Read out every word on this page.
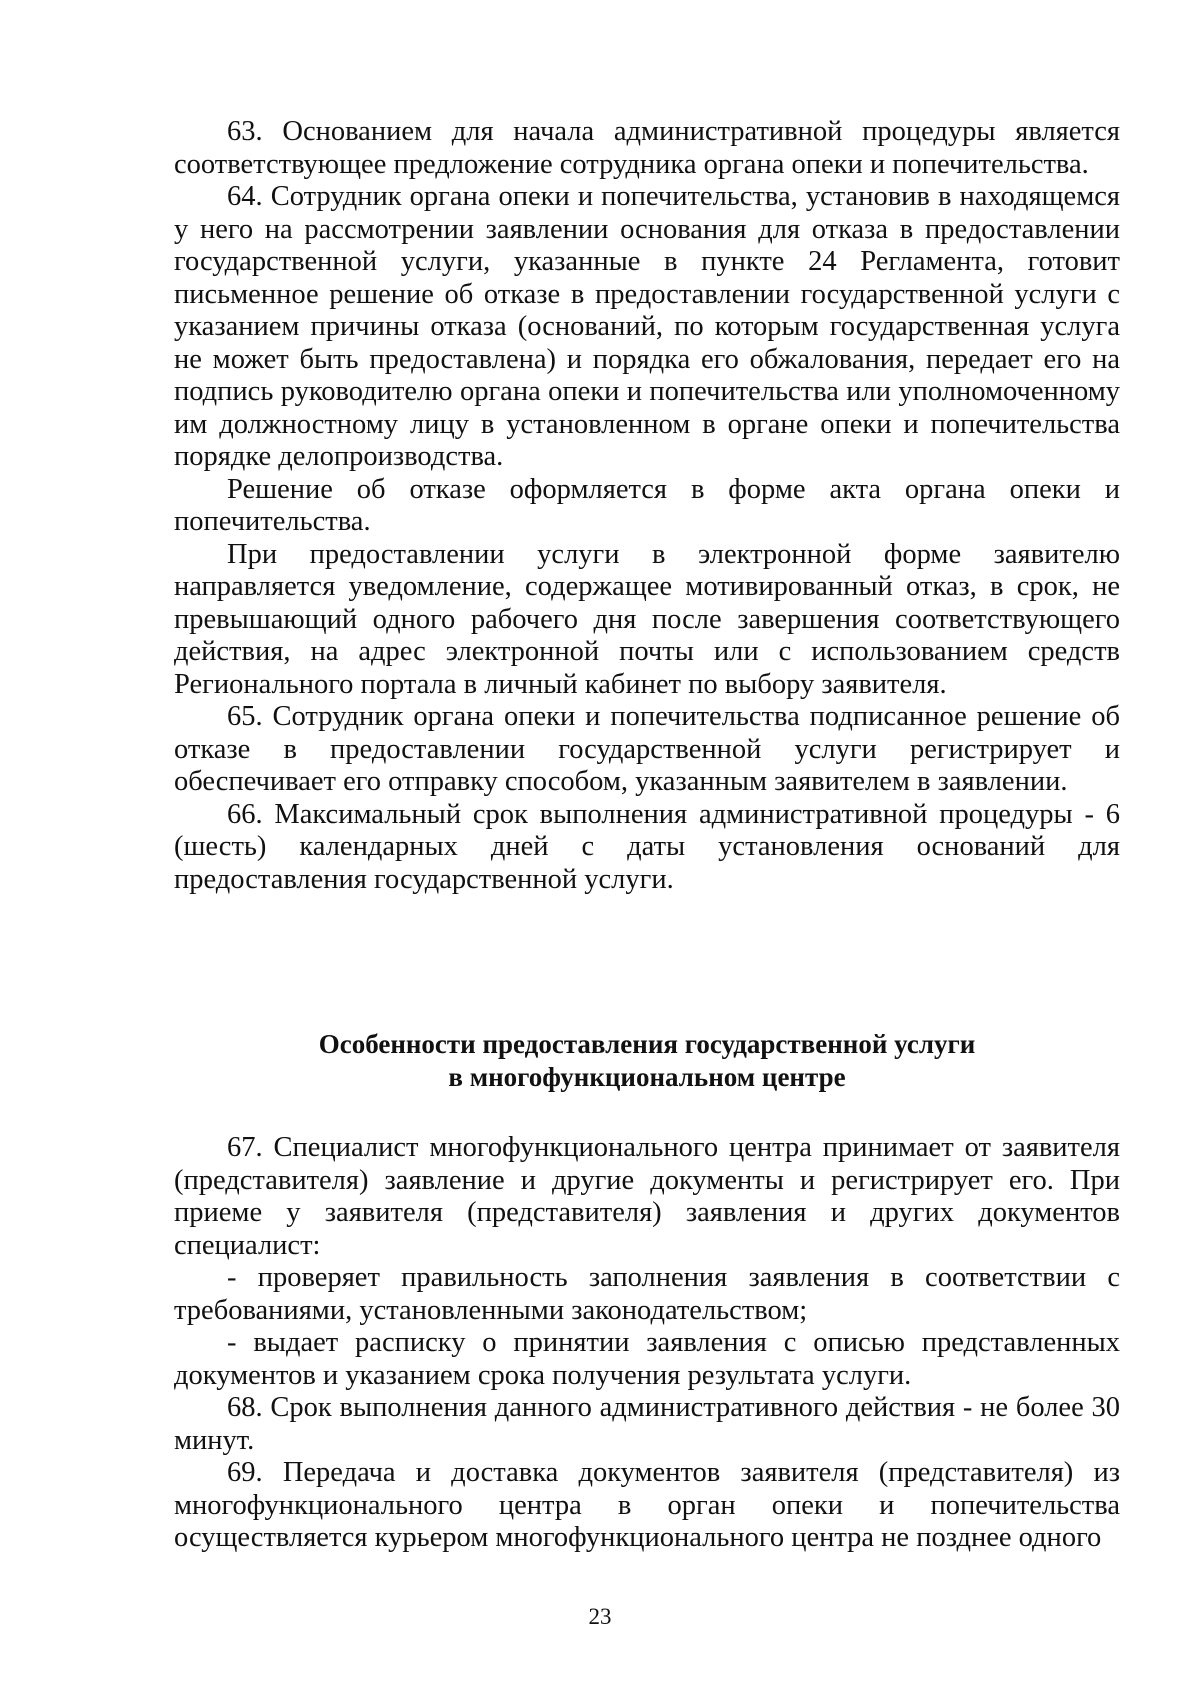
63. Основанием для начала административной процедуры является соответствующее предложение сотрудника органа опеки и попечительства.

64. Сотрудник органа опеки и попечительства, установив в находящемся у него на рассмотрении заявлении основания для отказа в предоставлении государственной услуги, указанные в пункте 24 Регламента, готовит письменное решение об отказе в предоставлении государственной услуги с указанием причины отказа (оснований, по которым государственная услуга не может быть предоставлена) и порядка его обжалования, передает его на подпись руководителю органа опеки и попечительства или уполномоченному им должностному лицу в установленном в органе опеки и попечительства порядке делопроизводства.

Решение об отказе оформляется в форме акта органа опеки и попечительства.

При предоставлении услуги в электронной форме заявителю направляется уведомление, содержащее мотивированный отказ, в срок, не превышающий одного рабочего дня после завершения соответствующего действия, на адрес электронной почты или с использованием средств Регионального портала в личный кабинет по выбору заявителя.

65. Сотрудник органа опеки и попечительства подписанное решение об отказе в предоставлении государственной услуги регистрирует и обеспечивает его отправку способом, указанным заявителем в заявлении.

66. Максимальный срок выполнения административной процедуры - 6 (шесть) календарных дней с даты установления оснований для предоставления государственной услуги.

Особенности предоставления государственной услуги
в многофункциональном центре

67. Специалист многофункционального центра принимает от заявителя (представителя) заявление и другие документы и регистрирует его. При приеме у заявителя (представителя) заявления и других документов специалист:

- проверяет правильность заполнения заявления в соответствии с требованиями, установленными законодательством;

- выдает расписку о принятии заявления с описью представленных документов и указанием срока получения результата услуги.

68. Срок выполнения данного административного действия - не более 30 минут.

69. Передача и доставка документов заявителя (представителя) из многофункционального центра в орган опеки и попечительства осуществляется курьером многофункционального центра не позднее одного

23
